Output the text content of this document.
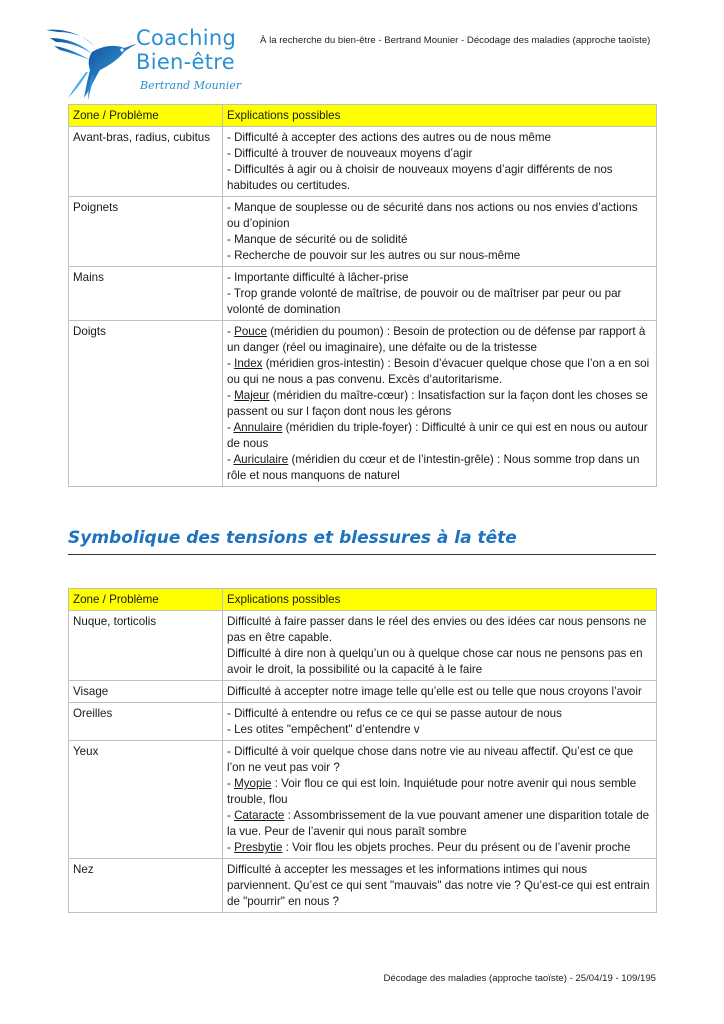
Coaching
Bien-être
Bertrand Mounier
À la recherche du bien-être - Bertrand Mounier - Décodage des maladies (approche taoïste)
Zone / Problème	Explications possibles
Avant-bras, radius, cubitus	- Difficulté à accepter des actions des autres ou de nous même
- Difficulté à trouver de nouveaux moyens d’agir
- Difficultés à agir ou à choisir de nouveaux moyens d’agir différents de nos habitudes ou certitudes.

Poignets	- Manque de souplesse ou de sécurité dans nos actions ou nos envies d’actions ou d’opinion
- Manque de sécurité ou de solidité
- Recherche de pouvoir sur les autres ou sur nous-même

Mains	- Importante difficulté à lâcher-prise
- Trop grande volonté de maîtrise, de pouvoir ou de maîtriser par peur ou par volonté de domination

Doigts	- Pouce (méridien du poumon) : Besoin de protection ou de défense par rapport à un danger (réel ou imaginaire), une défaite ou de la tristesse
- Index (méridien gros-intestin) : Besoin d’évacuer quelque chose que l’on a en soi ou qui ne nous a pas convenu. Excès d’autoritarisme.
- Majeur (méridien du maître-cœur) : Insatisfaction sur la façon dont les choses se passent ou sur l façon dont nous les gérons
- Annulaire (méridien du triple-foyer) : Difficulté à unir ce qui est en nous ou autour de nous
- Auriculaire (méridien du cœur et de l’intestin-grêle) : Nous somme trop dans un rôle et nous manquons de naturel
Symbolique des tensions et blessures à la tête
Zone / Problème	Explications possibles
Nuque, torticolis	Difficulté à faire passer dans le réel des envies ou des idées car nous pensons ne pas en être capable.
Difficulté à dire non à quelqu’un ou à quelque chose car nous ne pensons pas en avoir le droit, la possibilité ou la capacité à le faire

Visage	Difficulté à accepter notre image telle qu’elle est ou telle que nous croyons l’avoir

Oreilles	- Difficulté à entendre ou refus ce ce qui se passe autour de nous
- Les otites "empêchent" d’entendre v

Yeux	- Difficulté à voir quelque chose dans notre vie au niveau affectif. Qu’est ce que l’on ne veut pas voir ?
- Myopie : Voir flou ce qui est loin. Inquiétude pour notre avenir qui nous semble trouble, flou
- Cataracte : Assombrissement de la vue pouvant amener une disparition totale de la vue. Peur de l’avenir qui nous paraît sombre
- Presbytie : Voir flou les objets proches. Peur du présent ou de l’avenir proche

Nez	Difficulté à accepter les messages et les informations intimes qui nous parviennent. Qu’est ce qui sent "mauvais" das notre vie ? Qu’est-ce qui est entrain de "pourrir" en nous ?
Décodage des maladies (approche taoïste) - 25/04/19 - 109/195
